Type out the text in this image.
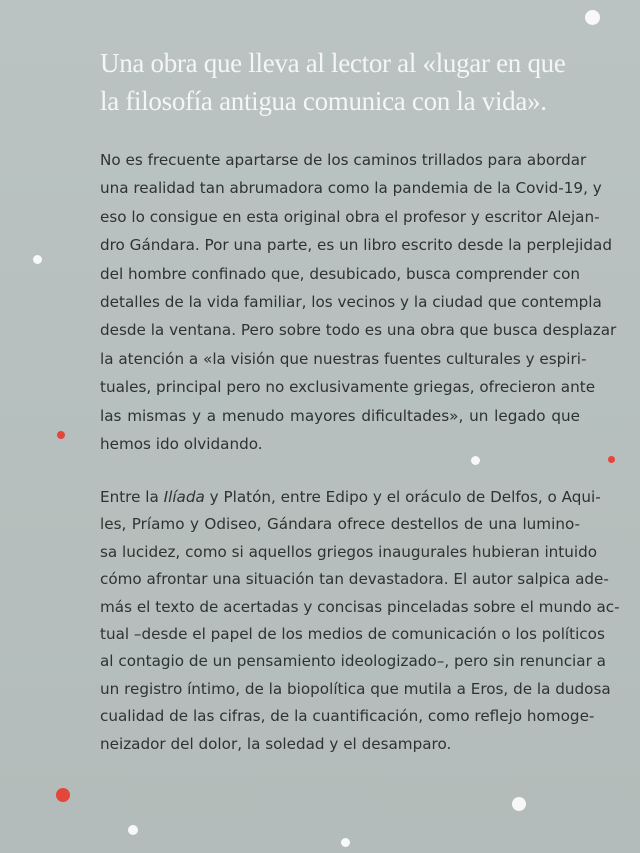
Una obra que lleva al lector al «lugar en que
la filosofía antigua comunica con la vida».
No es frecuente apartarse de los caminos trillados para abordar
una realidad tan abrumadora como la pandemia de la Covid-19, y
eso lo consigue en esta original obra el profesor y escritor Alejan-
dro Gándara. Por una parte, es un libro escrito desde la perplejidad
del hombre confinado que, desubicado, busca comprender con
detalles de la vida familiar, los vecinos y la ciudad que contempla
desde la ventana. Pero sobre todo es una obra que busca desplazar
la atención a «la visión que nuestras fuentes culturales y espiri-
tuales, principal pero no exclusivamente griegas, ofrecieron ante
las mismas y a menudo mayores dificultades», un legado que
hemos ido olvidando.
Entre la Ilíada y Platón, entre Edipo y el oráculo de Delfos, o Aqui-
les, Príamo y Odiseo, Gándara ofrece destellos de una lumino-
sa lucidez, como si aquellos griegos inaugurales hubieran intuido
cómo afrontar una situación tan devastadora. El autor salpica ade-
más el texto de acertadas y concisas pinceladas sobre el mundo ac-
tual –desde el papel de los medios de comunicación o los políticos
al contagio de un pensamiento ideologizado–, pero sin renunciar a
un registro íntimo, de la biopolítica que mutila a Eros, de la dudosa
cualidad de las cifras, de la cuantificación, como reflejo homoge-
neizador del dolor, la soledad y el desamparo.
